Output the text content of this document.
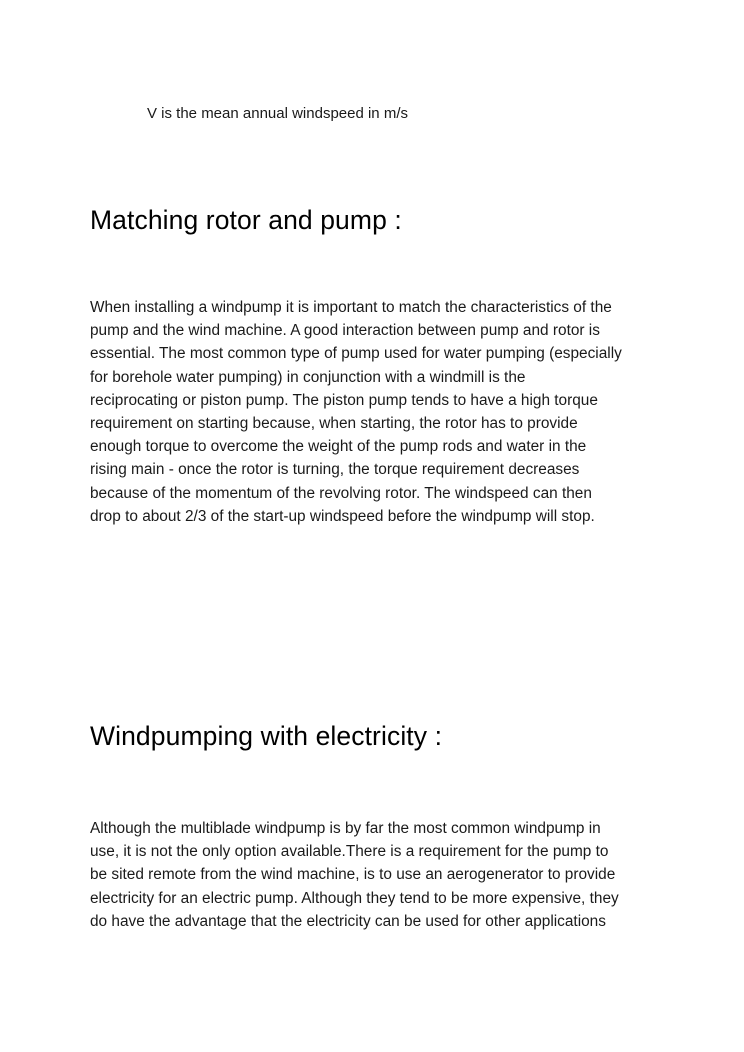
V is the mean annual windspeed in m/s

Matching rotor and pump :

When installing a windpump it is important to match the characteristics of the
pump and the wind machine. A good interaction between pump and rotor is
essential. The most common type of pump used for water pumping (especially
for borehole water pumping) in conjunction with a windmill is the
reciprocating or piston pump. The piston pump tends to have a high torque
requirement on starting because, when starting, the rotor has to provide
enough torque to overcome the weight of the pump rods and water in the
rising main - once the rotor is turning, the torque requirement decreases
because of the momentum of the revolving rotor. The windspeed can then
drop to about 2/3 of the start-up windspeed before the windpump will stop.

Windpumping with electricity :

Although the multiblade windpump is by far the most common windpump in
use, it is not the only option available.There is a requirement for the pump to
be sited remote from the wind machine, is to use an aerogenerator to provide
electricity for an electric pump. Although they tend to be more expensive, they
do have the advantage that the electricity can be used for other applications
